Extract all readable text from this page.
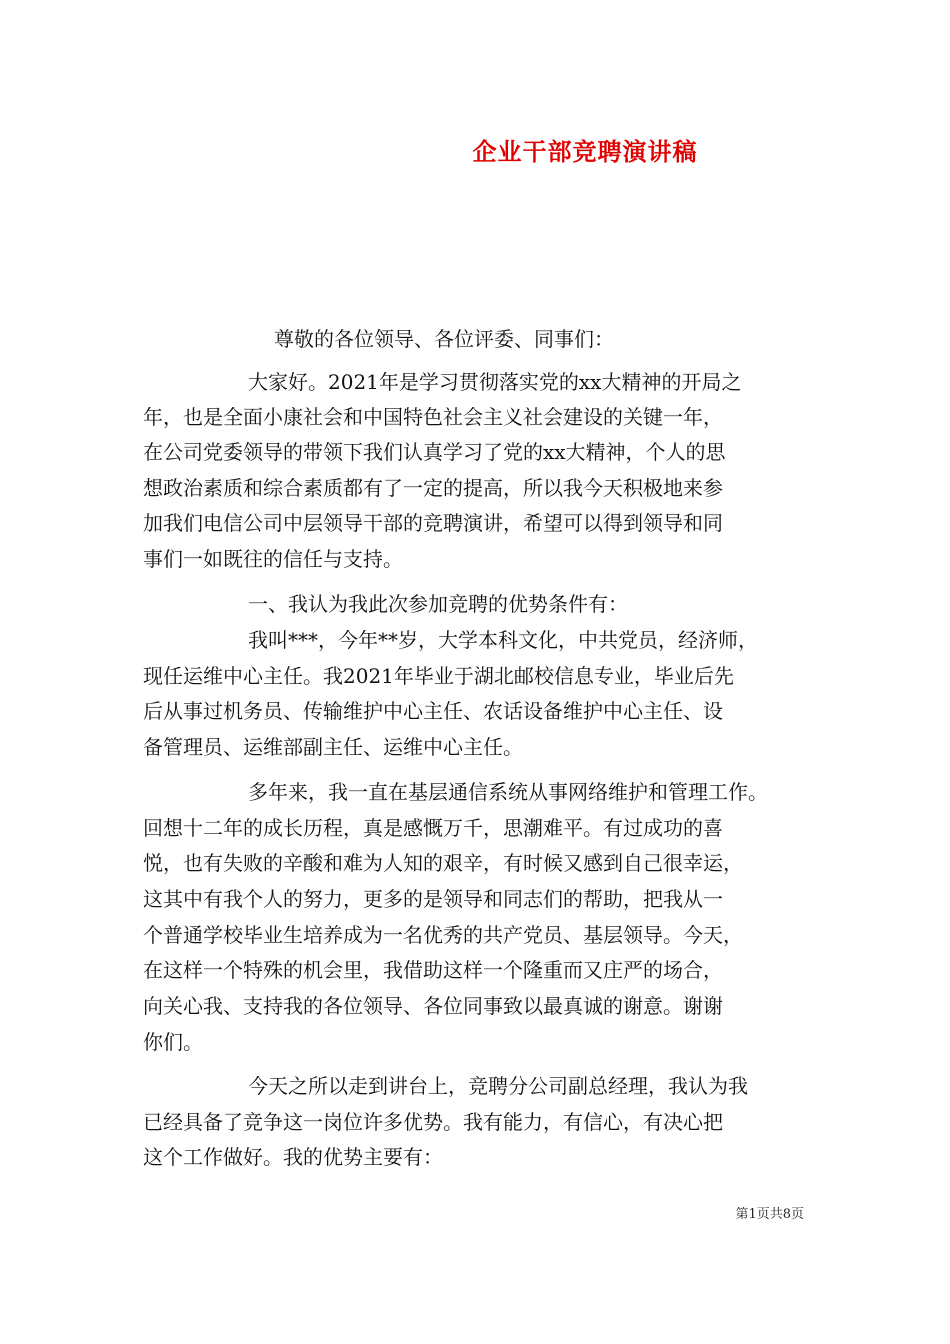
企业干部竞聘演讲稿
尊敬的各位领导、各位评委、同事们：
大家好。2021年是学习贯彻落实党的xx大精神的开局之
年，也是全面小康社会和中国特色社会主义社会建设的关键一年，
在公司党委领导的带领下我们认真学习了党的xx大精神，个人的思
想政治素质和综合素质都有了一定的提高，所以我今天积极地来参
加我们电信公司中层领导干部的竞聘演讲，希望可以得到领导和同
事们一如既往的信任与支持。
一、我认为我此次参加竞聘的优势条件有：
我叫***，今年**岁，大学本科文化，中共党员，经济师，
现任运维中心主任。我2021年毕业于湖北邮校信息专业，毕业后先
后从事过机务员、传输维护中心主任、农话设备维护中心主任、设
备管理员、运维部副主任、运维中心主任。
多年来，我一直在基层通信系统从事网络维护和管理工作。
回想十二年的成长历程，真是感慨万千，思潮难平。有过成功的喜
悦，也有失败的辛酸和难为人知的艰辛，有时候又感到自己很幸运，
这其中有我个人的努力，更多的是领导和同志们的帮助，把我从一
个普通学校毕业生培养成为一名优秀的共产党员、基层领导。今天，
在这样一个特殊的机会里，我借助这样一个隆重而又庄严的场合，
向关心我、支持我的各位领导、各位同事致以最真诚的谢意。谢谢
你们。
今天之所以走到讲台上，竞聘分公司副总经理，我认为我
已经具备了竞争这一岗位许多优势。我有能力，有信心，有决心把
这个工作做好。我的优势主要有：
第1页共8页
